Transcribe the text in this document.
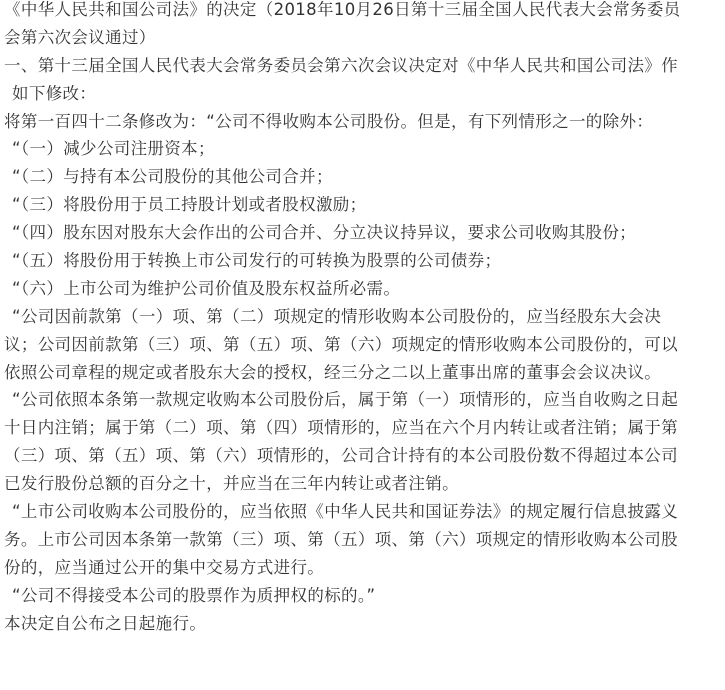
《中华人民共和国公司法》的决定（2018年10月26日第十三届全国人民代表大会常务委员
会第六次会议通过）
一、第十三届全国人民代表大会常务委员会第六次会议决定对《中华人民共和国公司法》作
如下修改：
将第一百四十二条修改为：“公司不得收购本公司股份。但是，有下列情形之一的除外：
“（一）减少公司注册资本；
“（二）与持有本公司股份的其他公司合并；
“（三）将股份用于员工持股计划或者股权激励；
“（四）股东因对股东大会作出的公司合并、分立决议持异议，要求公司收购其股份；
“（五）将股份用于转换上市公司发行的可转换为股票的公司债券；
“（六）上市公司为维护公司价值及股东权益所必需。
“公司因前款第（一）项、第（二）项规定的情形收购本公司股份的，应当经股东大会决
议；公司因前款第（三）项、第（五）项、第（六）项规定的情形收购本公司股份的，可以
依照公司章程的规定或者股东大会的授权，经三分之二以上董事出席的董事会会议决议。
“公司依照本条第一款规定收购本公司股份后，属于第（一）项情形的，应当自收购之日起
十日内注销；属于第（二）项、第（四）项情形的，应当在六个月内转让或者注销；属于第
（三）项、第（五）项、第（六）项情形的，公司合计持有的本公司股份数不得超过本公司
已发行股份总额的百分之十，并应当在三年内转让或者注销。
“上市公司收购本公司股份的，应当依照《中华人民共和国证券法》的规定履行信息披露义
务。上市公司因本条第一款第（三）项、第（五）项、第（六）项规定的情形收购本公司股
份的，应当通过公开的集中交易方式进行。
“公司不得接受本公司的股票作为质押权的标的。”
本决定自公布之日起施行。
